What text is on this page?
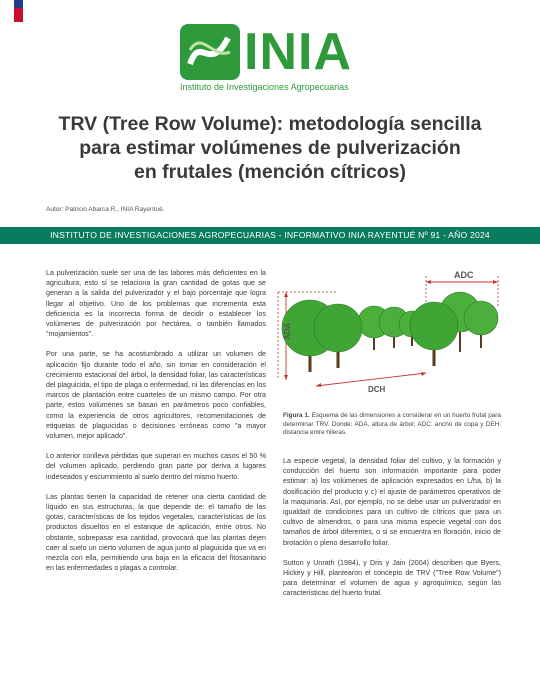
INIA
Instituto de Investigaciones Agropecuarias
TRV (Tree Row Volume): metodología sencilla
para estimar volúmenes de pulverización
en frutales (mención cítricos)
Autor: Patricio Abarca R., INIA Rayentué.
INSTITUTO DE INVESTIGACIONES AGROPECUARIAS - INFORMATIVO INIA RAYENTUÉ Nº 91 - AÑO 2024

La pulverización suele ser una de las labores más deficientes en la agricultura, esto sí se relaciona la gran cantidad de gotas que se generan a la salida del pulverizador y el bajo porcentaje que logra llegar al objetivo. Uno de los problemas que incrementa esta deficiencia es la incorrecta forma de decidir o establecer los volúmenes de pulverización por hectárea, o también llamados "mojamientos".

Por una parte, se ha acostumbrado a utilizar un volumen de aplicación fijo durante todo el año, sin tomar en consideración el crecimiento estacional del árbol, la densidad foliar, las características del plaguicida, el tipo de plaga o enfermedad, ni las diferencias en los marcos de plantación entre cuarteles de un mismo campo. Por otra parte, estos volúmenes se basan en parámetros poco confiables, como la experiencia de otros agricultores, recomendaciones de etiquetas de plaguicidas o decisiones erróneas como "a mayor volumen, mejor aplicado".

Lo anterior conlleva pérdidas que superan en muchos casos el 50 % del volumen aplicado, perdiendo gran parte por deriva a lugares indeseados y escurrimiento al suelo dentro del mismo huerto.

Las plantas tienen la capacidad de retener una cierta cantidad de líquido en sus estructuras, la que depende de: el tamaño de las gotas, características de los tejidos vegetales, características de los productos disueltos en el estanque de aplicación, entre otros. No obstante, sobrepasar esa cantidad, provocará que las plantas dejen caer al suelo un cierto volumen de agua junto al plaguicida que va en mezcla con ella, permitiendo una baja en la eficacia del fitosanitario en las enfermedades o plagas a controlar.

ADC
ADA
DCH
Figura 1. Esquema de las dimensiones a considerar en un huerto frutal para determinar TRV. Donde: ADA, altura de árbol; ADC: ancho de copa y DEH: distancia entre hileras.

La especie vegetal, la densidad foliar del cultivo, y la formación y conducción del huerto son información importante para poder estimar: a) los volúmenes de aplicación expresados en L/ha, b) la dosificación del producto y c) el ajuste de parámetros operativos de la maquinaria. Así, por ejemplo, no se debe usar un pulverizador en igualdad de condiciones para un cultivo de cítricos que para un cultivo de almendros, o para una misma especie vegetal con dos tamaños de árbol diferentes, o si se encuentra en floración, inicio de brotación o pleno desarrollo foliar.

Sutton y Unrath (1984), y Dris y Jain (2004) describen que Byers, Hickey y Hill, plantearon el concepto de TRV ("Tree Row Volume") para determinar el volumen de agua y agroquímico, según las características del huerto frutal.
